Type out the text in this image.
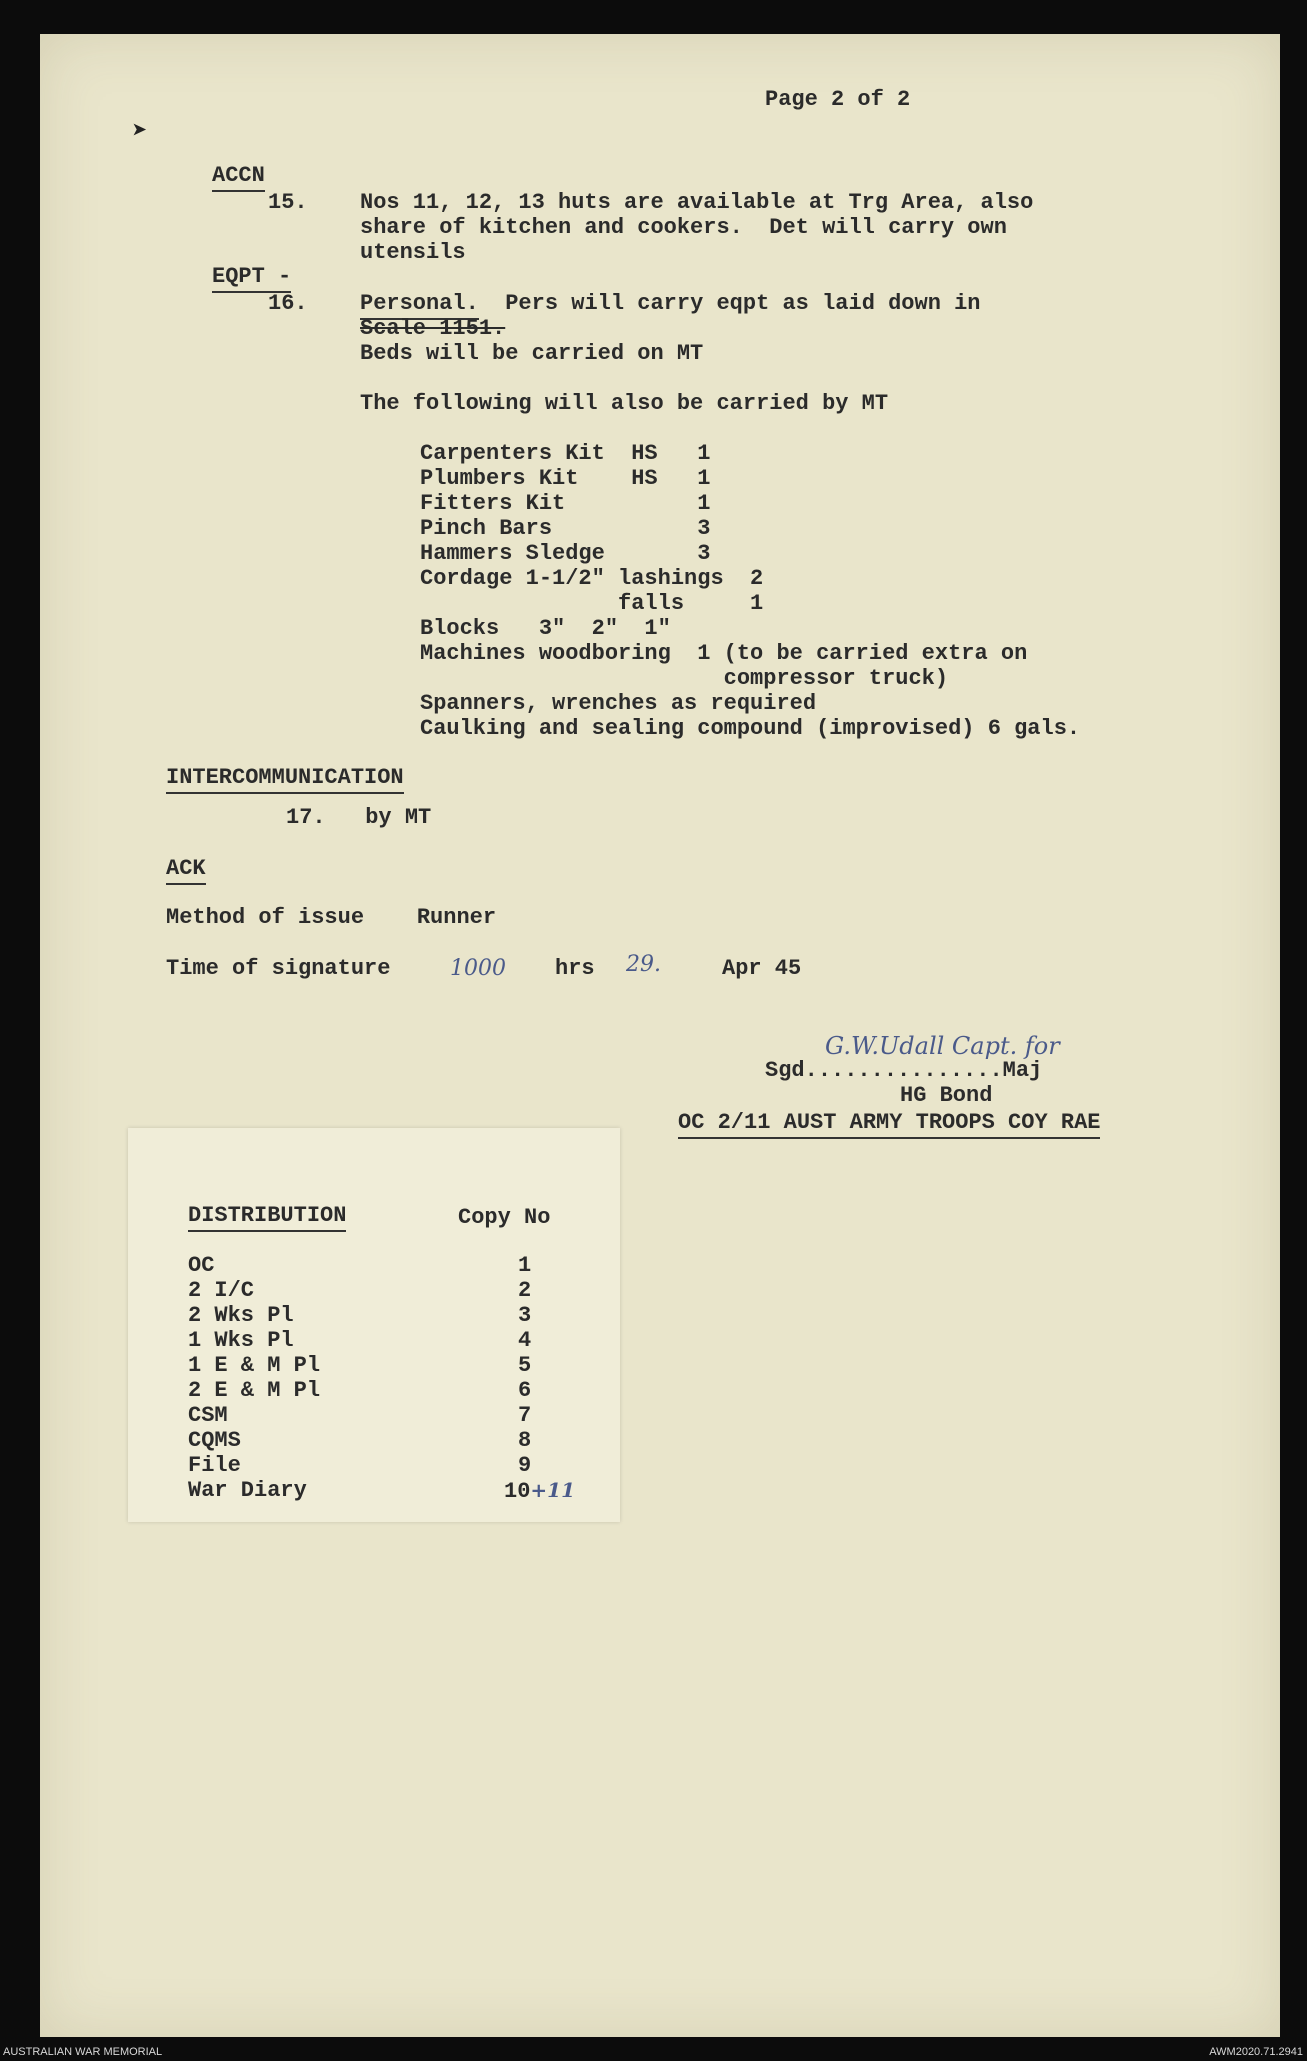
➤
Page 2 of 2
ACCN
15. Nos 11, 12, 13 huts are available at Trg Area, also
share of kitchen and cookers.  Det will carry own
utensils
EQPT -
16. Personal.  Pers will carry eqpt as laid down in
Scale 1151.
Beds will be carried on MT
The following will also be carried by MT
Carpenters Kit  HS   1
Plumbers Kit    HS   1
Fitters Kit          1
Pinch Bars           3
Hammers Sledge       3
Cordage 1-1/2" lashings  2
falls     1
Blocks   3"  2"  1"
Machines woodboring  1 (to be carried extra on
compressor truck)
Spanners, wrenches as required
Caulking and sealing compound (improvised) 6 gals.
INTERCOMMUNICATION
17.   by MT
ACK
Method of issue    Runner
Time of signature	1000 hrs 29.	Apr 45
G.W.Udall Capt. for
Sgd...............Maj
HG Bond
OC 2/11 AUST ARMY TROOPS COY RAE
DISTRIBUTION	Copy No
OC	1
2 I/C	2
2 Wks Pl	3
1 Wks Pl	4
1 E & M Pl	5
2 E & M Pl	6
CSM	7
CQMS	8
File	9
War Diary	10+11
AUSTRALIAN WAR MEMORIAL	AWM2020.71.2941
